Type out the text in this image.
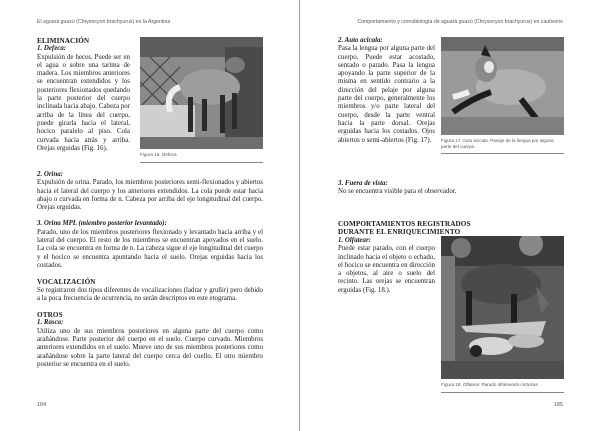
El aguará guazú (Chrysocyon brachyurus) en la Argentina
ELIMINACIÓN
1. Defeca:

Expulsión de heces. Puede ser en el agua o sobre una tarima de madera. Los miembros anteriores se encuentran extendidos y los posteriores flexionados quedando la parte posterior del cuerpo inclinada hacia abajo. Cabeza por arriba de la línea del cuerpo, puede girarla hacia el lateral, hocico paralelo al piso. Cola curvada hacia atrás y arriba. Orejas erguidas (Fig. 16).

Figura 16. Defeca
2. Orina:

Expulsión de orina. Parado, los miembros posteriores semi-flexionados y abiertos hacia el lateral del cuerpo y los anteriores extendidos. La cola puede estar hacia abajo o curvada en forma de n. Cabeza por arriba del eje longitudinal del cuerpo. Orejas erguidas.

3. Orina MPL (miembro posterior levantado):

Parado, uno de los miembros posteriores flexionado y levantado hacia arriba y el lateral del cuerpo. El resto de los miembros se encuentran apoyados en el suelo. La cola se encuentra en forma de n. La cabeza sigue el eje longitudinal del cuerpo y el hocico se encuentra apuntando hacia el suelo. Orejas erguidas hacia los costados.

VOCALIZACIÓN

Se registraron dos tipos diferentes de vocalizaciones (ladrar y gruñir) pero debido a la poca frecuencia de ocurrencia, no serán descriptos en este etograma.

OTROS
1. Rasca:

Utiliza uno de sus miembros posteriores en alguna parte del cuerpo como arañándose. Parte posterior del cuerpo en el suelo. Cuerpo curvado. Miembros anteriores extendidos en el suelo. Mueve uno de sus miembros posteriores como arañándose sobre la parte lateral del cuerpo cerca del cuello. El otro miembro posterior se encuentra en el suelo.

184
Comportamiento y cronobiología de aguará guazú (Chrysocyon brachyurus) en cautiverio
2. Auto acicala:

Pasa la lengua por alguna parte del cuerpo. Puede estar acostado, sentado o parado. Pasa la lengua apoyando la parte superior de la misma en sentido contrario a la dirección del pelaje por alguna parte del cuerpo, generalmente los miembros y/o parte lateral del cuerpo, desde la parte ventral hacia la parte dorsal. Orejas erguidas hacia los costados. Ojos abiertos o semi-abiertos (Fig. 17).	Figura 17. Auto acicala. Pasaje de la lengua por alguna parte del cuerpo.
3. Fuera de vista:

No se encuentra visible para el observador.

COMPORTAMIENTOS REGISTRADOS DURANTE EL ENRIQUECIMIENTO
1. Olfatear:

Puede estar parado, con el cuerpo inclinado hacia el objeto o echado, el hocico se encuentra en dirección a objetos, al aire o suelo del recinto. Las orejas se encuentran erguidas (Fig. 18.).

Figura 18. Olfatear. Parado olfateando cortezas
185
